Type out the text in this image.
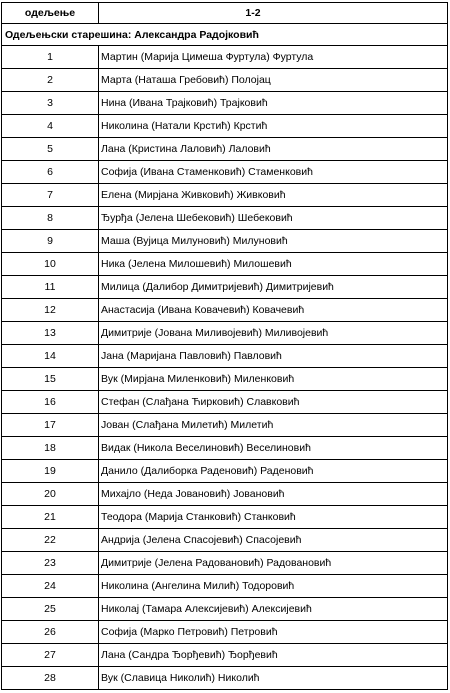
одељење	1-2
Одељењски старешина: Александра Радојковић	
1	Мартин (Марија Цимеша Фуртула) Фуртула
2	Марта (Наташа Гребовић) Полојац
3	Нина (Ивана Трајковић) Трајковић
4	Николина (Натали Крстић) Крстић
5	Лана (Кристина Лаловић) Лаловић
6	Софија (Ивана Стаменковић) Стаменковић
7	Елена (Мирјана Живковић) Живковић
8	Ђурђа (Јелена Шебековић) Шебековић
9	Маша (Вујица Милуновић) Милуновић
10	Ника (Јелена Милошевић) Милошевић
11	Милица (Далибор Димитријевић) Димитријевић
12	Анастасија (Ивана Ковачевић) Ковачевић
13	Димитрије (Јована Миливојевић) Миливојевић
14	Јана (Маријана Павловић) Павловић
15	Вук (Мирјана Миленковић) Миленковић
16	Стефан (Слађана Ћирковић) Славковић
17	Јован (Слађана Милетић) Милетић
18	Видак (Никола Веселиновић) Веселиновић
19	Данило (Далиборка Раденовић) Раденовић
20	Михајло (Неда Јовановић) Јовановић
21	Теодора (Марија Станковић) Станковић
22	Андрија (Јелена Спасојевић) Спасојевић
23	Димитрије (Јелена Радовановић) Радовановић
24	Николина (Ангелина Милић) Тодоровић
25	Николај (Тамара Алексијевић) Алексијевић
26	Софија (Марко Петровић) Петровић
27	Лана (Сандра Ђорђевић) Ђорђевић
28	Вук (Славица Николић) Николић
